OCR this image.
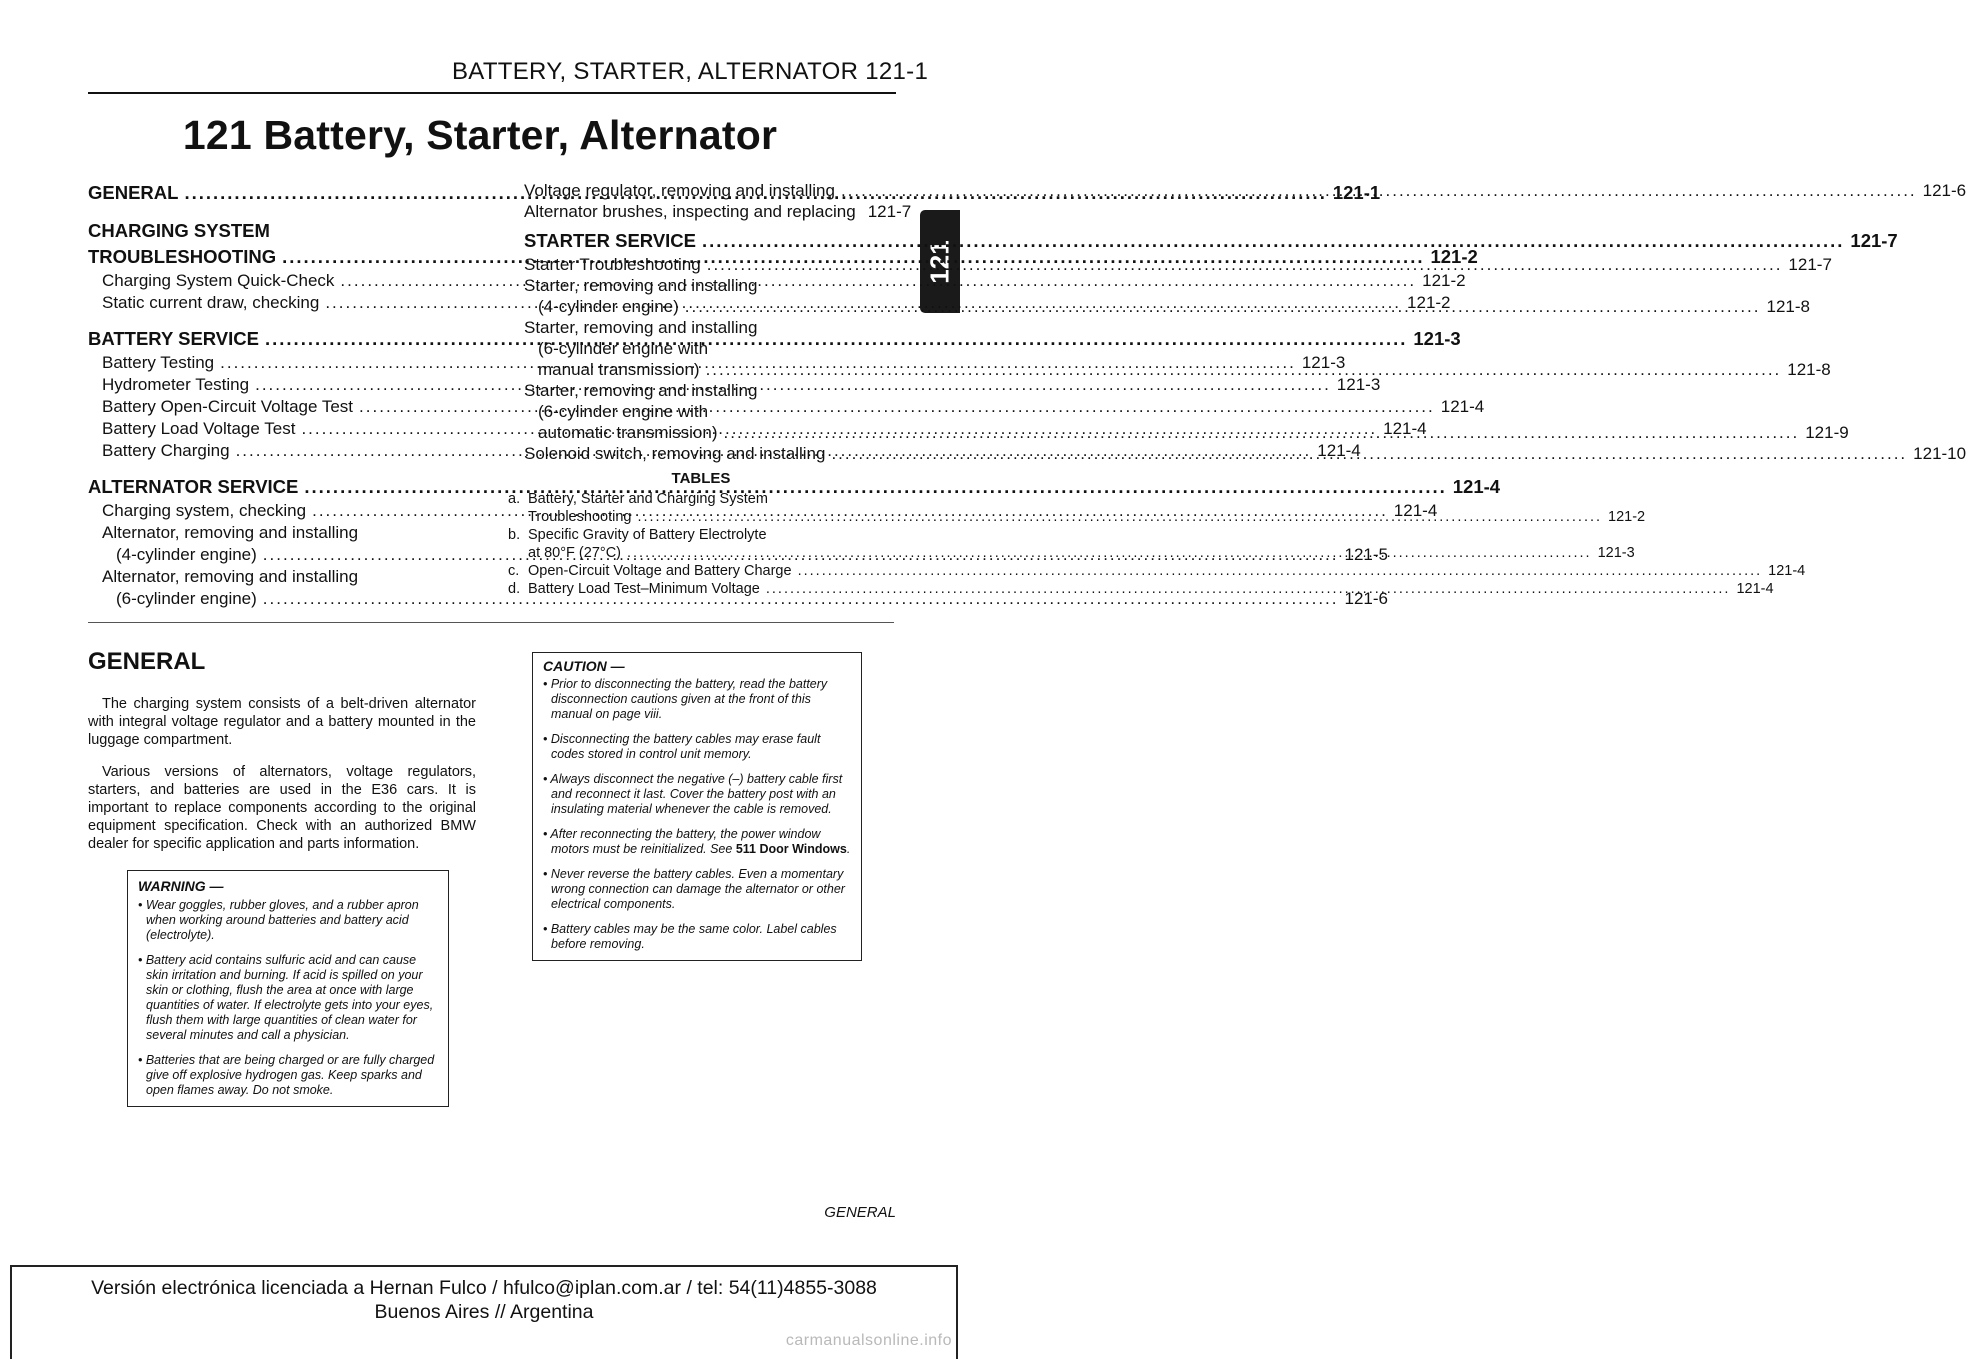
BATTERY, STARTER, ALTERNATOR 121-1
121 Battery, Starter, Alternator
121
GENERAL .....	121-1
CHARGING SYSTEM
TROUBLESHOOTING .....	121-2
Charging System Quick-Check .....	121-2
Static current draw, checking .....	121-2
BATTERY SERVICE .....	121-3
Battery Testing .....	121-3
Hydrometer Testing .....	121-3
Battery Open-Circuit Voltage Test .....	121-4
Battery Load Voltage Test .....	121-4
Battery Charging .....	121-4
ALTERNATOR SERVICE .....	121-4
Charging system, checking .....	121-4
Alternator, removing and installing
(4-cylinder engine) .....	121-5
Alternator, removing and installing
(6-cylinder engine) .....	121-6
Voltage regulator, removing and installing .....	121-6
Alternator brushes, inspecting and replacing 121-7
STARTER SERVICE .....	121-7
Starter Troubleshooting .....	121-7
Starter, removing and installing
(4-cylinder engine) .....	121-8
Starter, removing and installing
(6-cylinder engine with
manual transmission) .....	121-8
Starter, removing and installing
(6-cylinder engine with
automatic transmission) .....	121-9
Solenoid switch, removing and installing .....	121-10
TABLES
a. Battery, Starter and Charging System
Troubleshooting .....	121-2
b. Specific Gravity of Battery Electrolyte
at 80°F (27°C) .....	121-3
c. Open-Circuit Voltage and Battery Charge .....	121-4
d. Battery Load Test–Minimum Voltage .....	121-4
GENERAL

The charging system consists of a belt-driven alternator with integral voltage regulator and a battery mounted in the luggage compartment.

Various versions of alternators, voltage regulators, starters, and batteries are used in the E36 cars. It is important to replace components according to the original equipment specification. Check with an authorized BMW dealer for specific application and parts information.

WARNING —

• Wear goggles, rubber gloves, and a rubber apron when working around batteries and battery acid (electrolyte).

• Battery acid contains sulfuric acid and can cause skin irritation and burning. If acid is spilled on your skin or clothing, flush the area at once with large quantities of water. If electrolyte gets into your eyes, flush them with large quantities of clean water for several minutes and call a physician.

• Batteries that are being charged or are fully charged give off explosive hydrogen gas. Keep sparks and open flames away. Do not smoke.

CAUTION —

• Prior to disconnecting the battery, read the battery disconnection cautions given at the front of this manual on page viii.

• Disconnecting the battery cables may erase fault codes stored in control unit memory.

• Always disconnect the negative (–) battery cable first and reconnect it last. Cover the battery post with an insulating material whenever the cable is removed.

• After reconnecting the battery, the power window motors must be reinitialized. See 511 Door Windows.

• Never reverse the battery cables. Even a momentary wrong connection can damage the alternator or other electrical components.

• Battery cables may be the same color. Label cables before removing.

GENERAL
Versión electrónica licenciada a Hernan Fulco / hfulco@iplan.com.ar / tel: 54(11)4855-3088
Buenos Aires // Argentina
carmanualsonline.info
